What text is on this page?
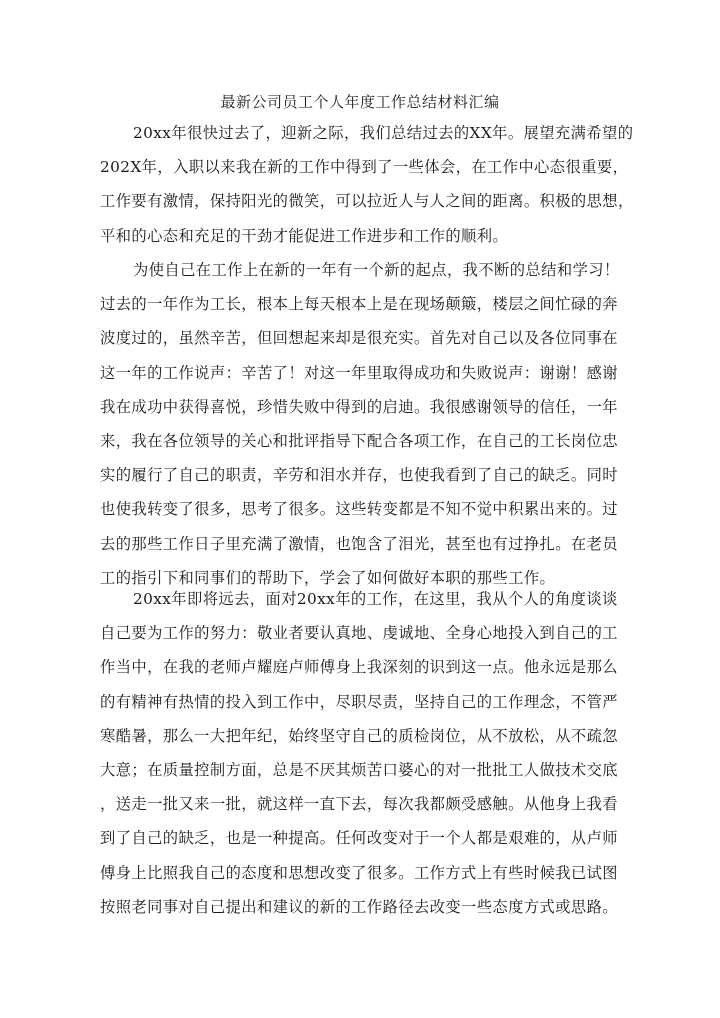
最新公司员工个人年度工作总结材料汇编
20xx年很快过去了，迎新之际，我们总结过去的XX年。展望充满希望的
202X年，入职以来我在新的工作中得到了一些体会，在工作中心态很重要，
工作要有激情，保持阳光的微笑，可以拉近人与人之间的距离。积极的思想，
平和的心态和充足的干劲才能促进工作进步和工作的顺利。
为使自己在工作上在新的一年有一个新的起点，我不断的总结和学习！
过去的一年作为工长，根本上每天根本上是在现场颠簸，楼层之间忙碌的奔
波度过的，虽然辛苦，但回想起来却是很充实。首先对自己以及各位同事在
这一年的工作说声：辛苦了！对这一年里取得成功和失败说声：谢谢！感谢
我在成功中获得喜悦，珍惜失败中得到的启迪。我很感谢领导的信任，一年
来，我在各位领导的关心和批评指导下配合各项工作，在自己的工长岗位忠
实的履行了自己的职责，辛劳和泪水并存，也使我看到了自己的缺乏。同时
也使我转变了很多，思考了很多。这些转变都是不知不觉中积累出来的。过
去的那些工作日子里充满了激情，也饱含了泪光，甚至也有过挣扎。在老员
工的指引下和同事们的帮助下，学会了如何做好本职的那些工作。
20xx年即将远去，面对20xx年的工作，在这里，我从个人的角度谈谈
自己要为工作的努力：敬业者要认真地、虔诚地、全身心地投入到自己的工
作当中，在我的老师卢耀庭卢师傅身上我深刻的识到这一点。他永远是那么
的有精神有热情的投入到工作中，尽职尽责，坚持自己的工作理念，不管严
寒酷暑，那么一大把年纪，始终坚守自己的质检岗位，从不放松，从不疏忽
大意；在质量控制方面，总是不厌其烦苦口婆心的对一批批工人做技术交底
，送走一批又来一批，就这样一直下去，每次我都颇受感触。从他身上我看
到了自己的缺乏，也是一种提高。任何改变对于一个人都是艰难的，从卢师
傅身上比照我自己的态度和思想改变了很多。工作方式上有些时候我已试图
按照老同事对自己提出和建议的新的工作路径去改变一些态度方式或思路。
